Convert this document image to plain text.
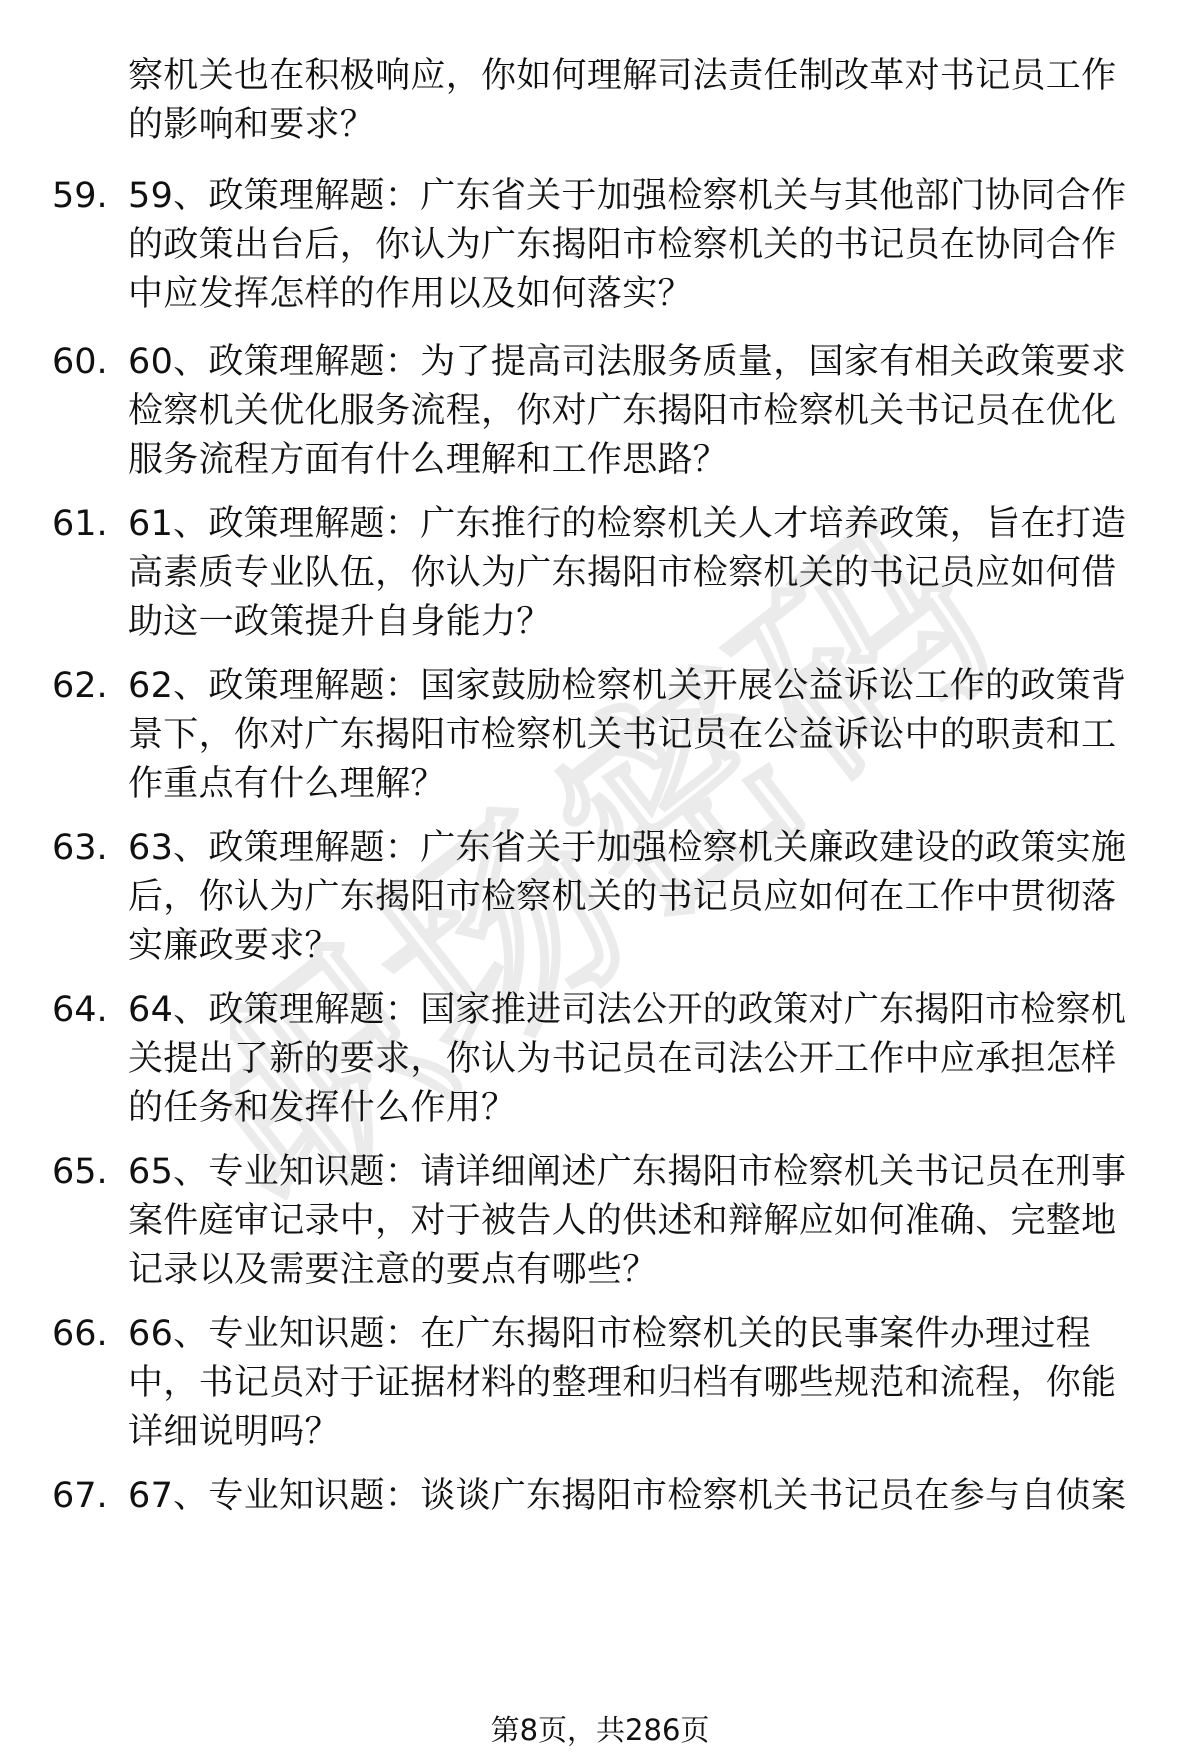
职场密码
察机关也在积极响应，你如何理解司法责任制改革对书记员工作
的影响和要求？
59. 59、政策理解题：广东省关于加强检察机关与其他部门协同合作
的政策出台后，你认为广东揭阳市检察机关的书记员在协同合作
中应发挥怎样的作用以及如何落实？
60. 60、政策理解题：为了提高司法服务质量，国家有相关政策要求
检察机关优化服务流程，你对广东揭阳市检察机关书记员在优化
服务流程方面有什么理解和工作思路？
61. 61、政策理解题：广东推行的检察机关人才培养政策，旨在打造
高素质专业队伍，你认为广东揭阳市检察机关的书记员应如何借
助这一政策提升自身能力？
62. 62、政策理解题：国家鼓励检察机关开展公益诉讼工作的政策背
景下，你对广东揭阳市检察机关书记员在公益诉讼中的职责和工
作重点有什么理解？
63. 63、政策理解题：广东省关于加强检察机关廉政建设的政策实施
后，你认为广东揭阳市检察机关的书记员应如何在工作中贯彻落
实廉政要求？
64. 64、政策理解题：国家推进司法公开的政策对广东揭阳市检察机
关提出了新的要求，你认为书记员在司法公开工作中应承担怎样
的任务和发挥什么作用？
65. 65、专业知识题：请详细阐述广东揭阳市检察机关书记员在刑事
案件庭审记录中，对于被告人的供述和辩解应如何准确、完整地
记录以及需要注意的要点有哪些？
66. 66、专业知识题：在广东揭阳市检察机关的民事案件办理过程
中，书记员对于证据材料的整理和归档有哪些规范和流程，你能
详细说明吗？
67. 67、专业知识题：谈谈广东揭阳市检察机关书记员在参与自侦案
第8页，共286页
